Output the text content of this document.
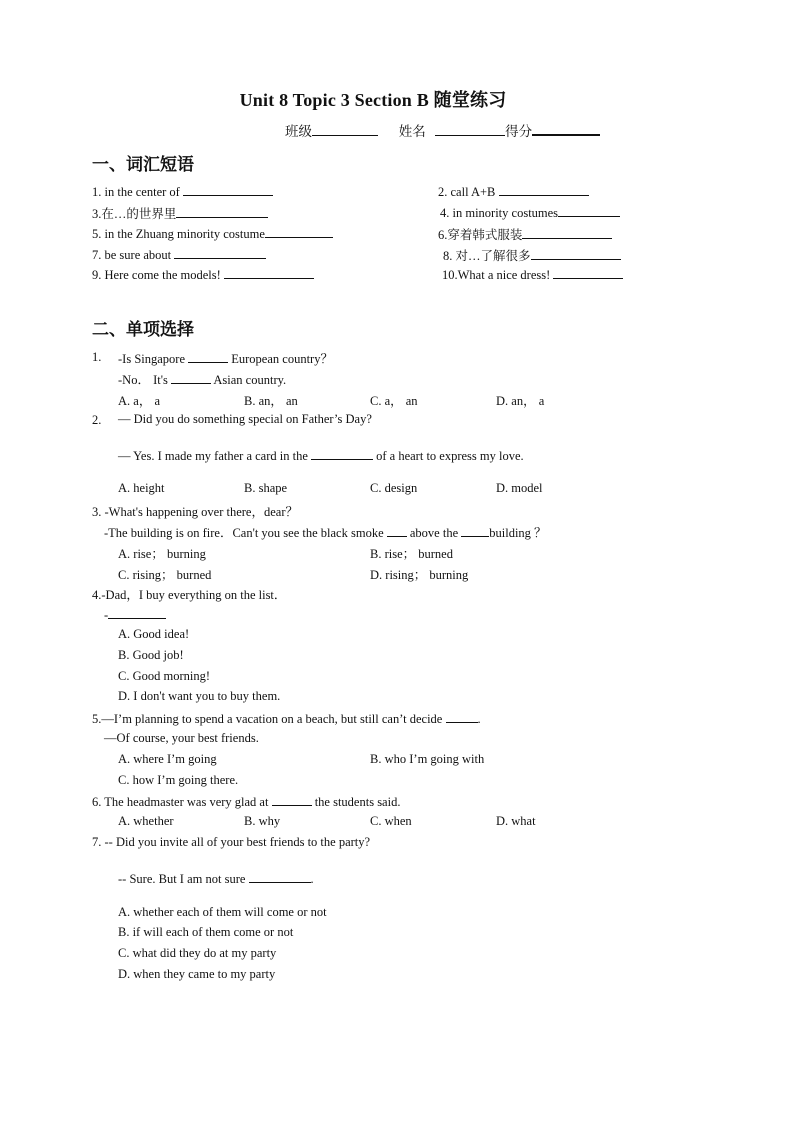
Unit 8 Topic 3 Section B 随堂练习
班级	姓名	得分
一、词汇短语
1. in the center of	2. call A+B
3.在…的世界里	4. in minority costumes
5. in the Zhuang minority costume	6.穿着韩式服装
7. be sure about	8. 对…了解很多
9. Here come the models!	10.What a nice dress!
二、单项选择
1. -Is Singapore	European country？
-No． It's	Asian country.
A. a， a	B. an， an	C. a， an	D. an， a
2. — Did you do something special on Father’s Day?
— Yes. I made my father a card in the	of a heart to express my love.
A. height	B. shape	C. design	D. model
3. -What's happening over there，dear？
-The building is on fire．Can't you see the black smoke above the building ？
A. rise； burning	B. rise； burned
C. rising； burned	D. rising； burning
4.-Dad，I buy everything on the list．
-
A. Good idea!
B. Good job!
C. Good morning!
D. I don't want you to buy them.
5.—I’m planning to spend a vacation on a beach, but still can’t decide	.
—Of course, your best friends.
A. where I’m going	B. who I’m going with
C. how I’m going there.
6. The headmaster was very glad at	the students said.
A. whether	B. why	C. when	D. what
7. -- Did you invite all of your best friends to the party?
-- Sure. But I am not sure	.
A. whether each of them will come or not
B. if will each of them come or not
C. what did they do at my party
D. when they came to my party
